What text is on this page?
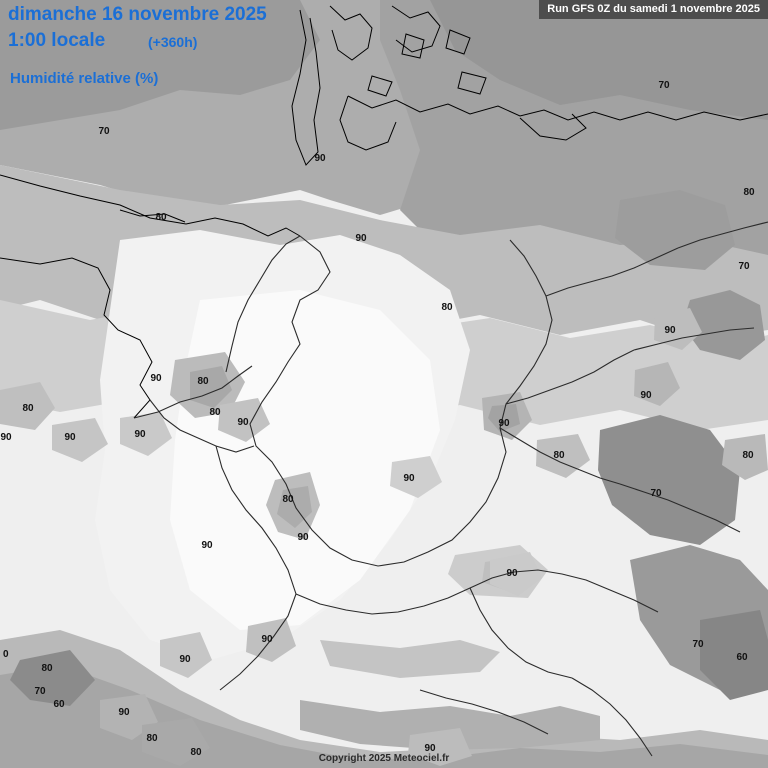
70
70
90
80
80
90
70
80
90
90	80
90
80
80
90	90	90
90	90
80	80
90
70
80
90
90
90
90
90
70
60
80
70
60
90
80
80	90
0
dimanche 16 novembre 2025
1:00 locale	(+360h)
Humidité relative (%)
Run GFS 0Z du samedi 1 novembre 2025
Copyright 2025 Meteociel.fr
